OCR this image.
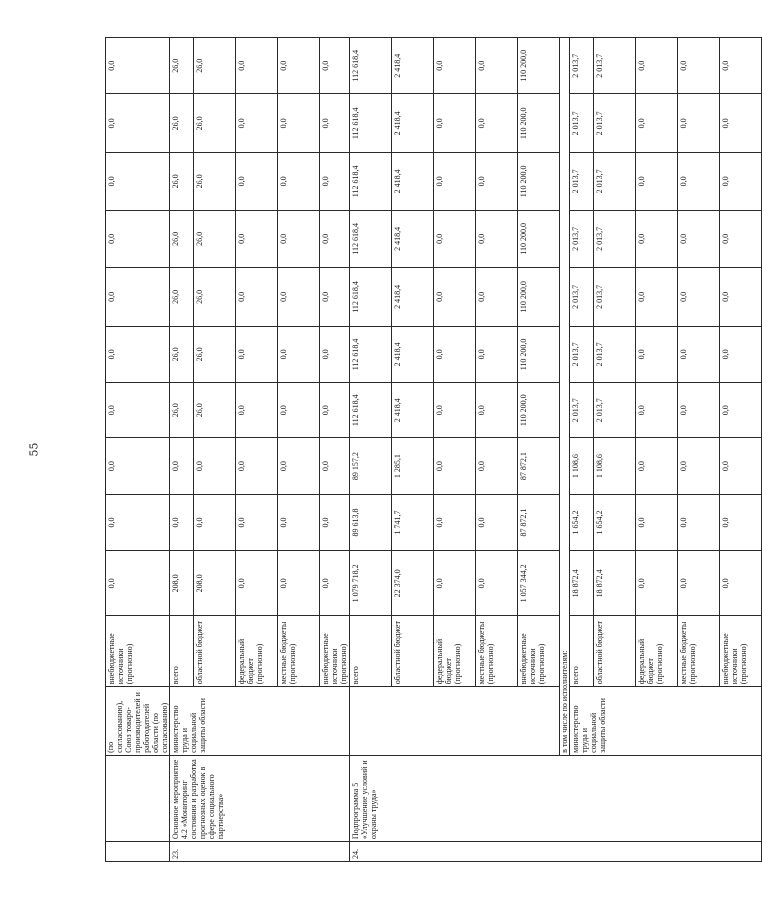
55
		(по согласованию), Союз товаро-производителей и работодателей области (по согласованию)	внебюджетные источники (прогнозно)	0,0	0,0	0,0	0,0	0,0	0,0	0,0	0,0	0,0	0,0
23.	Основное мероприятие 4.2 «Мониторинг состояния и разработка прогнозных оценок в сфере социального партнерства»	министерство труда и социальной защиты области	всего	208,0	0,0	0,0	26,0	26,0	26,0	26,0	26,0	26,0	26,0
			областной бюджет	208,0	0,0	0,0	26,0	26,0	26,0	26,0	26,0	26,0	26,0
			федеральный бюджет (прогнозно)	0,0	0,0	0,0	0,0	0,0	0,0	0,0	0,0	0,0	0,0
			местные бюджеты (прогнозно)	0,0	0,0	0,0	0,0	0,0	0,0	0,0	0,0	0,0	0,0
			внебюджетные источники (прогнозно)	0,0	0,0	0,0	0,0	0,0	0,0	0,0	0,0	0,0	0,0
24.	Подпрограмма 5 «Улучшение условий и охраны труда»		всего	1 079 718,2	89 613,8	89 157,2	112 618,4	112 618,4	112 618,4	112 618,4	112 618,4	112 618,4	112 618,4
			областной бюджет	22 374,0	1 741,7	1 285,1	2 418,4	2 418,4	2 418,4	2 418,4	2 418,4	2 418,4	2 418,4
			федеральный бюджет (прогнозно)	0,0	0,0	0,0	0,0	0,0	0,0	0,0	0,0	0,0	0,0
			местные бюджеты (прогнозно)	0,0	0,0	0,0	0,0	0,0	0,0	0,0	0,0	0,0	0,0
			внебюджетные источники (прогнозно)	1 057 344,2	87 872,1	87 872,1	110 200,0	110 200,0	110 200,0	110 200,0	110 200,0	110 200,0	110 200,0
		в том числе по исполнителям:											
		министерство труда и социальной защиты области	всего	18 872,4	1 654,2	1 108,6	2 013,7	2 013,7	2 013,7	2 013,7	2 013,7	2 013,7	2 013,7
			областной бюджет	18 872,4	1 654,2	1 108,6	2 013,7	2 013,7	2 013,7	2 013,7	2 013,7	2 013,7	2 013,7
			федеральный бюджет (прогнозно)	0,0	0,0	0,0	0,0	0,0	0,0	0,0	0,0	0,0	0,0
			местные бюджеты (прогнозно)	0,0	0,0	0,0	0,0	0,0	0,0	0,0	0,0	0,0	0,0
			внебюджетные источники (прогнозно)	0,0	0,0	0,0	0,0	0,0	0,0	0,0	0,0	0,0	0,0
